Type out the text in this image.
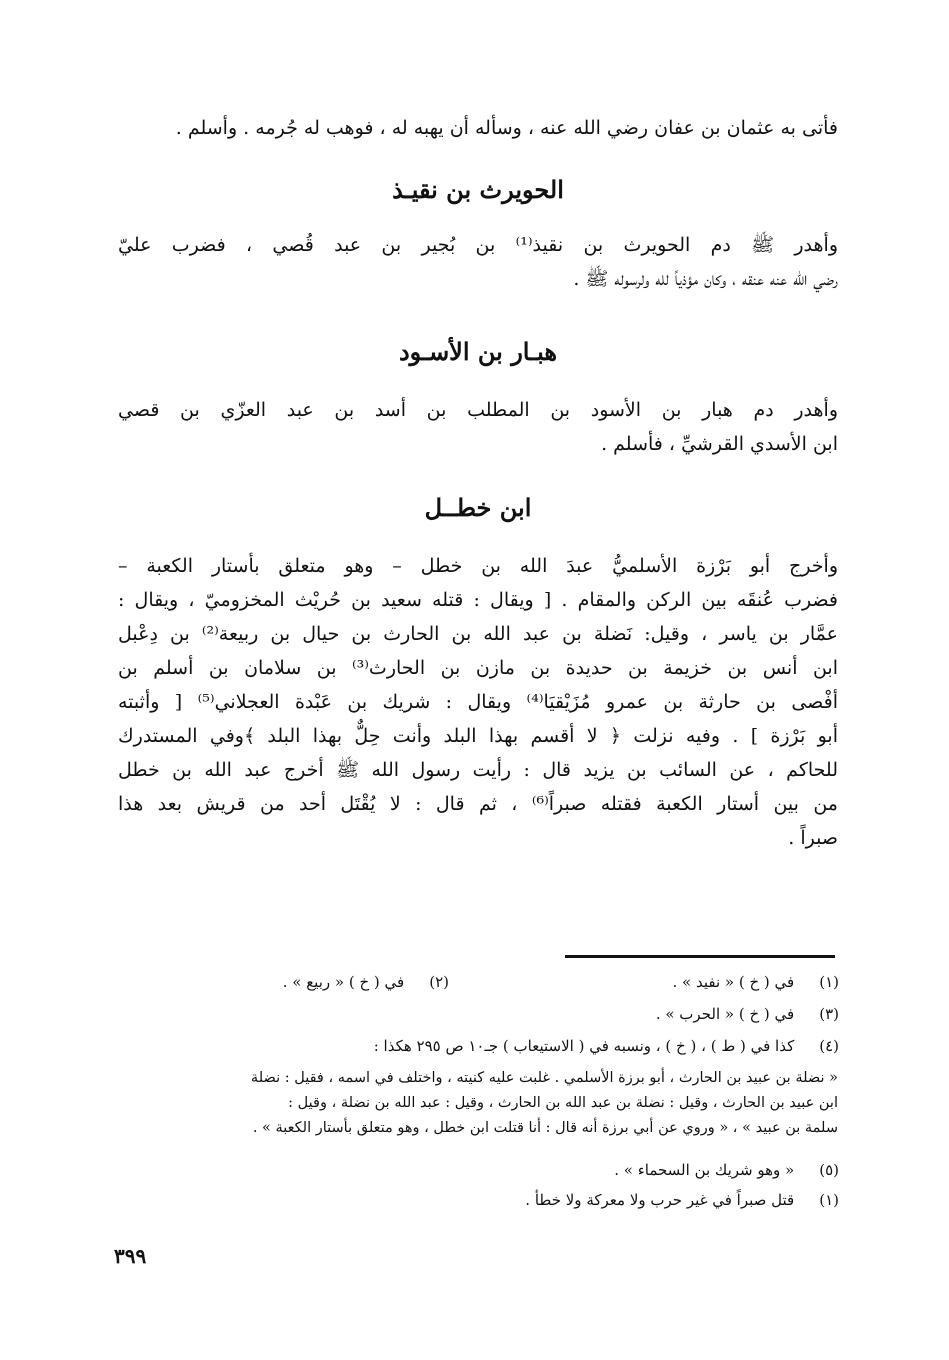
فأتى به عثمان بن عفان رضي الله عنه ، وسأله أن يهبه له ، فوهب له جُرمه . وأسلم .
الحويرث بن نقيـذ
وأهدر ﷺ دم الحويرث بن نقيذ⁽¹⁾ بن بُجير بن عبد قُصي ، فضرب عليّ
رضي الله عنه عنقه ، وكان مؤذياً لله ولرسوله ﷺ .
هبـار بن الأسـود
وأهدر دم هبار بن الأسود بن المطلب بن أسد بن عبد العزّي بن قصي
ابن الأسدي القرشيِّ ، فأسلم .
ابن خطــل
وأخرج أبو بَرْزة الأسلميُّ عبدَ الله بن خطل – وهو متعلق بأستار الكعبة –
فضرب عُنقَه بين الركن والمقام . [ ويقال : قتله سعيد بن حُريْث المخزوميّ ، ويقال :
عمَّار بن ياسر ، وقيل: نَضلة بن عبد الله بن الحارث بن حيال بن ربيعة⁽²⁾ بن دِعْبل
ابن أنس بن خزيمة بن حديدة بن مازن بن الحارث⁽³⁾ بن سلامان بن أسلم بن
أفْصى بن حارثة بن عمرو مُزَيْقيَا⁽⁴⁾ ويقال : شريك بن عَبْدة العجلاني⁽⁵⁾ [ وأثبته
أبو بَرْزة ] . وفيه نزلت ﴿ لا أقسم بهذا البلد وأنت حِلٌّ بهذا البلد ﴾وفي المستدرك
للحاكم ، عن السائب بن يزيد قال : رأيت رسول الله ﷺ أخرج عبد الله بن خطل
من بين أستار الكعبة فقتله صبراً⁽⁶⁾ ، ثم قال : لا يُقْتَل أحد من قريش بعد هذا
صبراً .
(١) في ( خ ) « نفيد » .
(٢) في ( خ ) « ربيع » .
(٣) في ( خ ) « الحرب » .
(٤) كذا في ( ط ) ، ( خ ) ، ونسبه في ( الاستيعاب ) جـ١٠ ص ٢٩٥ هكذا :
« نضلة بن عبيد بن الحارث ، أبو برزة الأسلمي . غلبت عليه كنيته ، واختلف في اسمه ، فقيل : نضلة
ابن عبيد بن الحارث ، وقيل : نضلة بن عبد الله بن الحارث ، وقيل : عبد الله بن نضلة ، وقيل :
سلمة بن عبيد » ، « وروي عن أبي برزة أنه قال : أنا قتلت ابن خطل ، وهو متعلق بأستار الكعبة » .
(٥) « وهو شريك بن السحماء » .
(١) قتل صبراً في غير حرب ولا معركة ولا خطأ .
٣٩٩
